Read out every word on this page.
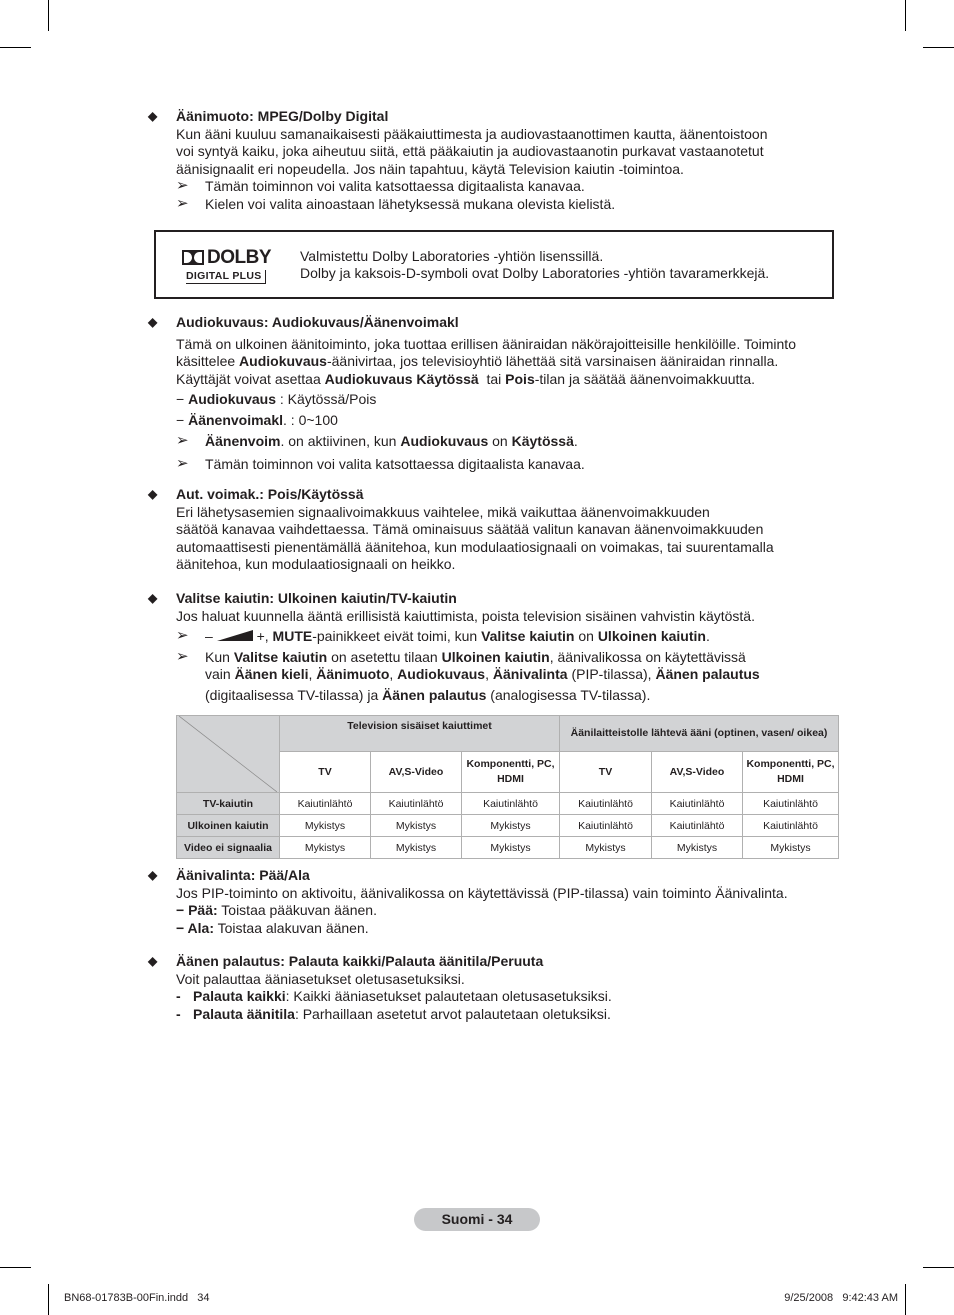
◆ Äänimuoto: MPEG/Dolby Digital
Kun ääni kuuluu samanaikaisesti pääkaiuttimesta ja audiovastaanottimen kautta, äänentoistoon
voi syntyä kaiku, joka aiheutuu siitä, että pääkaiutin ja audiovastaanotin purkavat vastaanotetut
äänisignaalit eri nopeudella. Jos näin tapahtuu, käytä Television kaiutin -toimintoa.
➢ Tämän toiminnon voi valita katsottaessa digitaalista kanavaa.
➢ Kielen voi valita ainoastaan lähetyksessä mukana olevista kielistä.
DOLBY
DIGITAL PLUS
Valmistettu Dolby Laboratories -yhtiön lisenssillä.
Dolby ja kaksois-D-symboli ovat Dolby Laboratories -yhtiön tavaramerkkejä.
◆ Audiokuvaus: Audiokuvaus/Äänenvoimakl
Tämä on ulkoinen äänitoiminto, joka tuottaa erillisen ääniraidan näkörajoitteisille henkilöille. Toiminto
käsittelee Audiokuvaus-äänivirtaa, jos televisioyhtiö lähettää sitä varsinaisen ääniraidan rinnalla.
Käyttäjät voivat asettaa Audiokuvaus Käytössä  tai Pois-tilan ja säätää äänenvoimakkuutta.
− Audiokuvaus : Käytössä/Pois
− Äänenvoimakl. : 0~100
➢ Äänenvoim. on aktiivinen, kun Audiokuvaus on Käytössä.
➢ Tämän toiminnon voi valita katsottaessa digitaalista kanavaa.
◆ Aut. voimak.: Pois/Käytössä
Eri lähetysasemien signaalivoimakkuus vaihtelee, mikä vaikuttaa äänenvoimakkuuden
säätöä kanavaa vaihdettaessa. Tämä ominaisuus säätää valitun kanavan äänenvoimakkuuden
automaattisesti pienentämällä äänitehoa, kun modulaatiosignaali on voimakas, tai suurentamalla
äänitehoa, kun modulaatiosignaali on heikko.
◆ Valitse kaiutin: Ulkoinen kaiutin/TV-kaiutin
Jos haluat kuunnella ääntä erillisistä kaiuttimista, poista television sisäinen vahvistin käytöstä.
➢ –	+, MUTE-painikkeet eivät toimi, kun Valitse kaiutin on Ulkoinen kaiutin.
➢ Kun Valitse kaiutin on asetettu tilaan Ulkoinen kaiutin, äänivalikossa on käytettävissä
vain Äänen kieli, Äänimuoto, Audiokuvaus, Äänivalinta (PIP-tilassa), Äänen palautus
(digitaalisessa TV-tilassa) ja Äänen palautus (analogisessa TV-tilassa).
	Television sisäiset kaiuttimet			Äänilaitteistolle lähtevä ääni (optinen, vasen/ oikea)		
	TV	AV,S-Video	Komponentti, PC, HDMI	TV	AV,S-Video	Komponentti, PC, HDMI
TV-kaiutin	Kaiutinlähtö	Kaiutinlähtö	Kaiutinlähtö	Kaiutinlähtö	Kaiutinlähtö	Kaiutinlähtö
Ulkoinen kaiutin	Mykistys	Mykistys	Mykistys	Kaiutinlähtö	Kaiutinlähtö	Kaiutinlähtö
Video ei signaalia	Mykistys	Mykistys	Mykistys	Mykistys	Mykistys	Mykistys
◆ Äänivalinta: Pää/Ala
Jos PIP-toiminto on aktivoitu, äänivalikossa on käytettävissä (PIP-tilassa) vain toiminto Äänivalinta.
− Pää: Toistaa pääkuvan äänen.
− Ala: Toistaa alakuvan äänen.
◆ Äänen palautus: Palauta kaikki/Palauta äänitila/Peruuta
Voit palauttaa ääniasetukset oletusasetuksiksi.
- Palauta kaikki: Kaikki ääniasetukset palautetaan oletusasetuksiksi.
- Palauta äänitila: Parhaillaan asetetut arvot palautetaan oletuksiksi.
Suomi - 34
BN68-01783B-00Fin.indd   34	9/25/2008   9:42:43 AM
